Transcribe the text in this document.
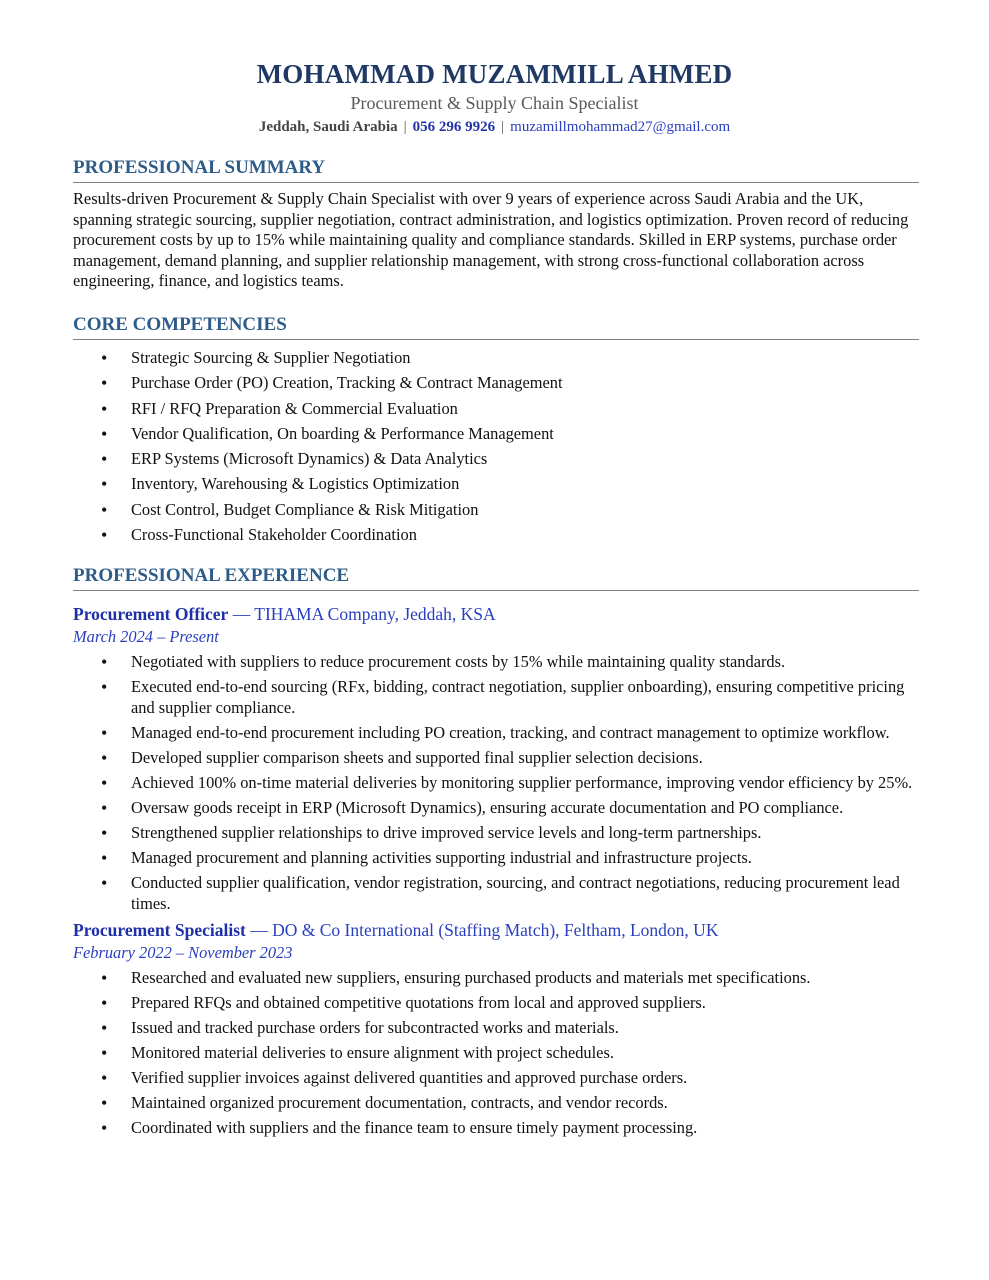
MOHAMMAD MUZAMMILL AHMED
Procurement & Supply Chain Specialist
Jeddah, Saudi Arabia | 056 296 9926 | muzamillmohammad27@gmail.com
PROFESSIONAL SUMMARY
Results-driven Procurement & Supply Chain Specialist with over 9 years of experience across Saudi Arabia and the UK, spanning strategic sourcing, supplier negotiation, contract administration, and logistics optimization. Proven record of reducing procurement costs by up to 15% while maintaining quality and compliance standards. Skilled in ERP systems, purchase order management, demand planning, and supplier relationship management, with strong cross-functional collaboration across engineering, finance, and logistics teams.
CORE COMPETENCIES
• Strategic Sourcing & Supplier Negotiation
• Purchase Order (PO) Creation, Tracking & Contract Management
• RFI / RFQ Preparation & Commercial Evaluation
• Vendor Qualification, On boarding & Performance Management
• ERP Systems (Microsoft Dynamics) & Data Analytics
• Inventory, Warehousing & Logistics Optimization
• Cost Control, Budget Compliance & Risk Mitigation
• Cross-Functional Stakeholder Coordination
PROFESSIONAL EXPERIENCE
Procurement Officer — TIHAMA Company, Jeddah, KSA
March 2024 – Present
• Negotiated with suppliers to reduce procurement costs by 15% while maintaining quality standards.
• Executed end-to-end sourcing (RFx, bidding, contract negotiation, supplier onboarding), ensuring competitive pricing and supplier compliance.
• Managed end-to-end procurement including PO creation, tracking, and contract management to optimize workflow.
• Developed supplier comparison sheets and supported final supplier selection decisions.
• Achieved 100% on-time material deliveries by monitoring supplier performance, improving vendor efficiency by 25%.
• Oversaw goods receipt in ERP (Microsoft Dynamics), ensuring accurate documentation and PO compliance.
• Strengthened supplier relationships to drive improved service levels and long-term partnerships.
• Managed procurement and planning activities supporting industrial and infrastructure projects.
• Conducted supplier qualification, vendor registration, sourcing, and contract negotiations, reducing procurement lead times.
Procurement Specialist — DO & Co International (Staffing Match), Feltham, London, UK
February 2022 – November 2023
• Researched and evaluated new suppliers, ensuring purchased products and materials met specifications.
• Prepared RFQs and obtained competitive quotations from local and approved suppliers.
• Issued and tracked purchase orders for subcontracted works and materials.
• Monitored material deliveries to ensure alignment with project schedules.
• Verified supplier invoices against delivered quantities and approved purchase orders.
• Maintained organized procurement documentation, contracts, and vendor records.
• Coordinated with suppliers and the finance team to ensure timely payment processing.
